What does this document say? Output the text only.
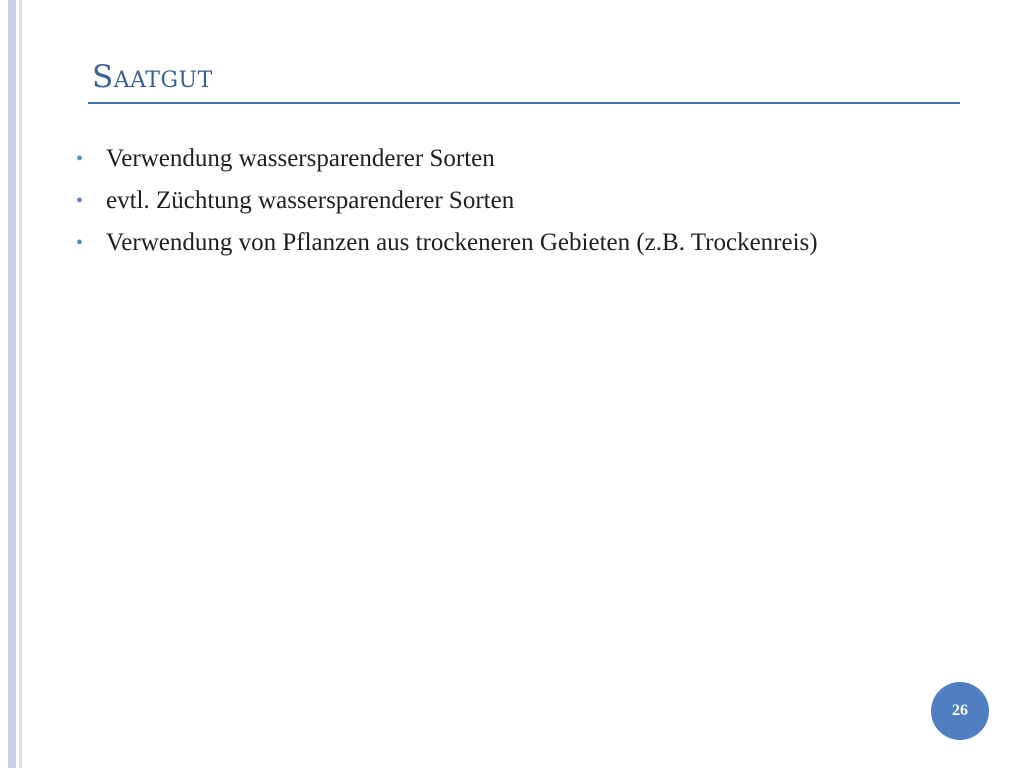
Saatgut
• Verwendung wassersparenderer Sorten
• evtl. Züchtung wassersparenderer Sorten
• Verwendung von Pflanzen aus trockeneren Gebieten (z.B. Trockenreis)
26
